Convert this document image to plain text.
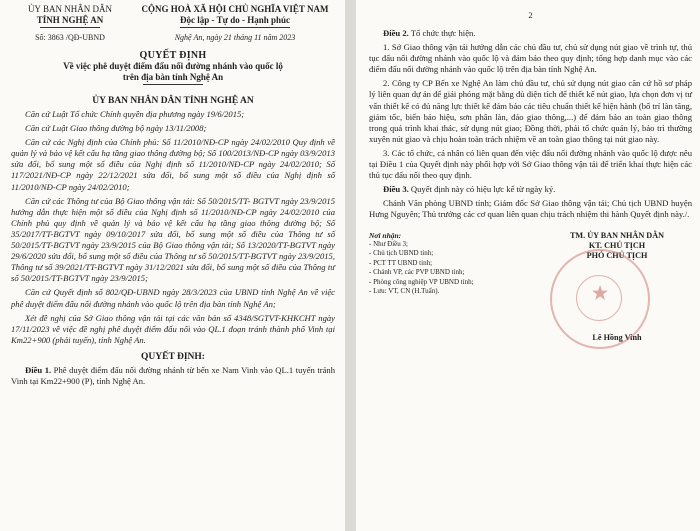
ỦY BAN NHÂN DÂN
TỈNH NGHỆ AN
CỘNG HOÀ XÃ HỘI CHỦ NGHĨA VIỆT NAM
Độc lập - Tự do - Hạnh phúc
Số: 3863 /QĐ-UBND	Nghệ An, ngày 21 tháng 11 năm 2023
QUYẾT ĐỊNH
Về việc phê duyệt điểm đấu nối đường nhánh vào quốc lộ
trên địa bàn tỉnh Nghệ An
ỦY BAN NHÂN DÂN TỈNH NGHỆ AN

Căn cứ Luật Tổ chức Chính quyền địa phương ngày 19/6/2015;

Căn cứ Luật Giao thông đường bộ ngày 13/11/2008;

Căn cứ các Nghị định của Chính phủ: Số 11/2010/NĐ-CP ngày 24/02/2010 Quy định về quản lý và bảo vệ kết cấu hạ tầng giao thông đường bộ; Số 100/2013/NĐ-CP ngày 03/9/2013 sửa đổi, bổ sung một số điều của Nghị định số 11/2010/NĐ-CP ngày 24/02/2010; Số 117/2021/NĐ-CP ngày 22/12/2021 sửa đổi, bổ sung một số điều của Nghị định số 11/2010/NĐ-CP ngày 24/02/2010;

Căn cứ các Thông tư của Bộ Giao thông vận tải: Số 50/2015/TT- BGTVT ngày 23/9/2015 hướng dẫn thực hiện một số điều của Nghị định số 11/2010/NĐ-CP ngày 24/02/2010 của Chính phủ quy định về quản lý và bảo vệ kết cấu hạ tầng giao thông đường bộ; Số 35/2017/TT-BGTVT ngày 09/10/2017 sửa đổi, bổ sung một số điều của Thông tư số 50/2015/TT-BGTVT ngày 23/9/2015 của Bộ Giao thông vận tải; Số 13/2020/TT-BGTVT ngày 29/6/2020 sửa đổi, bổ sung một số điều của Thông tư số 50/2015/TT-BGTVT ngày 23/9/2015, Thông tư số 39/2021/TT-BGTVT ngày 31/12/2021 sửa đổi, bổ sung một số điều của Thông tư số 50/2015/TT-BGTVT ngày 23/9/2015;

Căn cứ Quyết định số 802/QĐ-UBND ngày 28/3/2023 của UBND tỉnh Nghệ An về việc phê duyệt điểm đấu nối đường nhánh vào quốc lộ trên địa bàn tỉnh Nghệ An;

Xét đề nghị của Sở Giao thông vận tải tại các văn bản số 4348/SGTVT-KHKCHT ngày 17/11/2023 về việc đề nghị phê duyệt điểm đấu nối vào QL.1 đoạn tránh thành phố Vinh tại Km22+900 (phải tuyến), tỉnh Nghệ An.

QUYẾT ĐỊNH:

Điều 1. Phê duyệt điểm đấu nối đường nhánh từ bến xe Nam Vinh vào QL.1 tuyến tránh Vinh tại Km22+900 (P), tỉnh Nghệ An.

2

Điều 2. Tổ chức thực hiện.

1. Sở Giao thông vận tải hướng dẫn các chủ đầu tư, chủ sử dụng nút giao về trình tự, thủ tục đấu nối đường nhánh vào quốc lộ và đảm bảo theo quy định; tổng hợp danh mục vào các điểm đấu nối đường nhánh vào quốc lộ trên địa bàn tỉnh Nghệ An.

2. Công ty CP Bến xe Nghệ An làm chủ đầu tư, chủ sử dụng nút giao căn cứ hồ sơ pháp lý liên quan dự án để giải phóng mặt bằng đủ diện tích để thiết kế nút giao, lựa chọn đơn vị tư vấn thiết kế có đủ năng lực thiết kế đảm bảo các tiêu chuẩn thiết kế hiện hành (bố trí làn tăng, giảm tốc, biển báo hiệu, sơn phân làn, đảo giao thông,...) để đảm bảo an toàn giao thông trong quá trình khai thác, sử dụng nút giao; Đồng thời, phải tổ chức quản lý, bảo trì thường xuyên nút giao và chịu hoàn toàn trách nhiệm về an toàn giao thông tại nút giao này.

3. Các tổ chức, cá nhân có liên quan đến việc đấu nối đường nhánh vào quốc lộ được nêu tại Điều 1 của Quyết định này phối hợp với Sở Giao thông vận tải để triển khai thực hiện các thủ tục đấu nối theo quy định.

Điều 3. Quyết định này có hiệu lực kể từ ngày ký.

Chánh Văn phòng UBND tỉnh; Giám đốc Sở Giao thông vận tải; Chủ tịch UBND huyện Hưng Nguyên; Thủ trưởng các cơ quan liên quan chịu trách nhiệm thi hành Quyết định này./.

Nơi nhận:
- Như Điều 3;
- Chủ tịch UBND tỉnh;
- PCT TT UBND tỉnh;
- Chánh VP, các PVP UBND tỉnh;
- Phòng công nghiệp VP UBND tỉnh;
- Lưu: VT, CN (H.Tuấn).
TM. ỦY BAN NHÂN DÂN
KT. CHỦ TỊCH
PHÓ CHỦ TỊCH
★
Lê Hồng Vinh
